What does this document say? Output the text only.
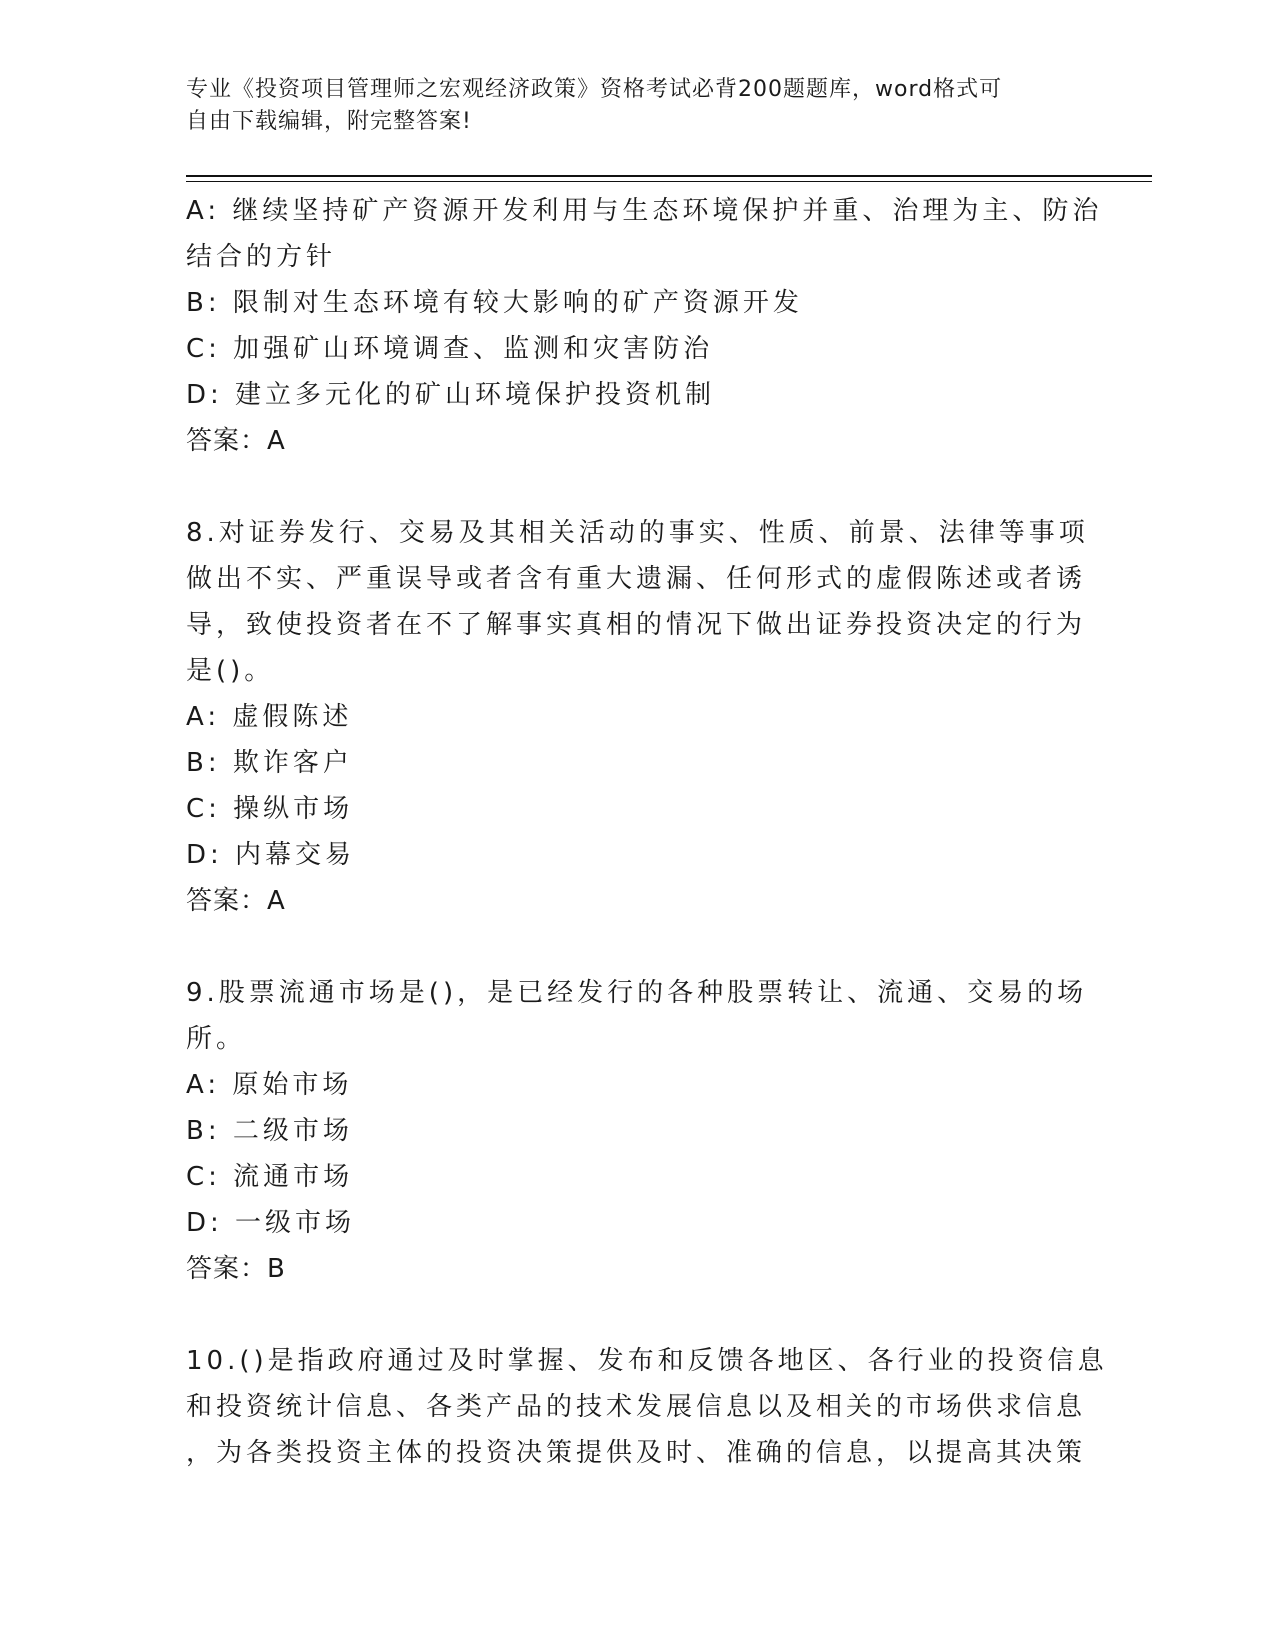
专业《投资项目管理师之宏观经济政策》资格考试必背200题题库，word格式可
自由下载编辑，附完整答案!
A: 继续坚持矿产资源开发利用与生态环境保护并重、治理为主、防治
结合的方针
B: 限制对生态环境有较大影响的矿产资源开发
C: 加强矿山环境调查、监测和灾害防治
D: 建立多元化的矿山环境保护投资机制
答案：A
8.对证券发行、交易及其相关活动的事实、性质、前景、法律等事项
做出不实、严重误导或者含有重大遗漏、任何形式的虚假陈述或者诱
导，致使投资者在不了解事实真相的情况下做出证券投资决定的行为
是()。
A: 虚假陈述
B: 欺诈客户
C: 操纵市场
D: 内幕交易
答案：A
9.股票流通市场是()，是已经发行的各种股票转让、流通、交易的场
所。
A: 原始市场
B: 二级市场
C: 流通市场
D: 一级市场
答案：B
10.()是指政府通过及时掌握、发布和反馈各地区、各行业的投资信息
和投资统计信息、各类产品的技术发展信息以及相关的市场供求信息
，为各类投资主体的投资决策提供及时、准确的信息，以提高其决策
